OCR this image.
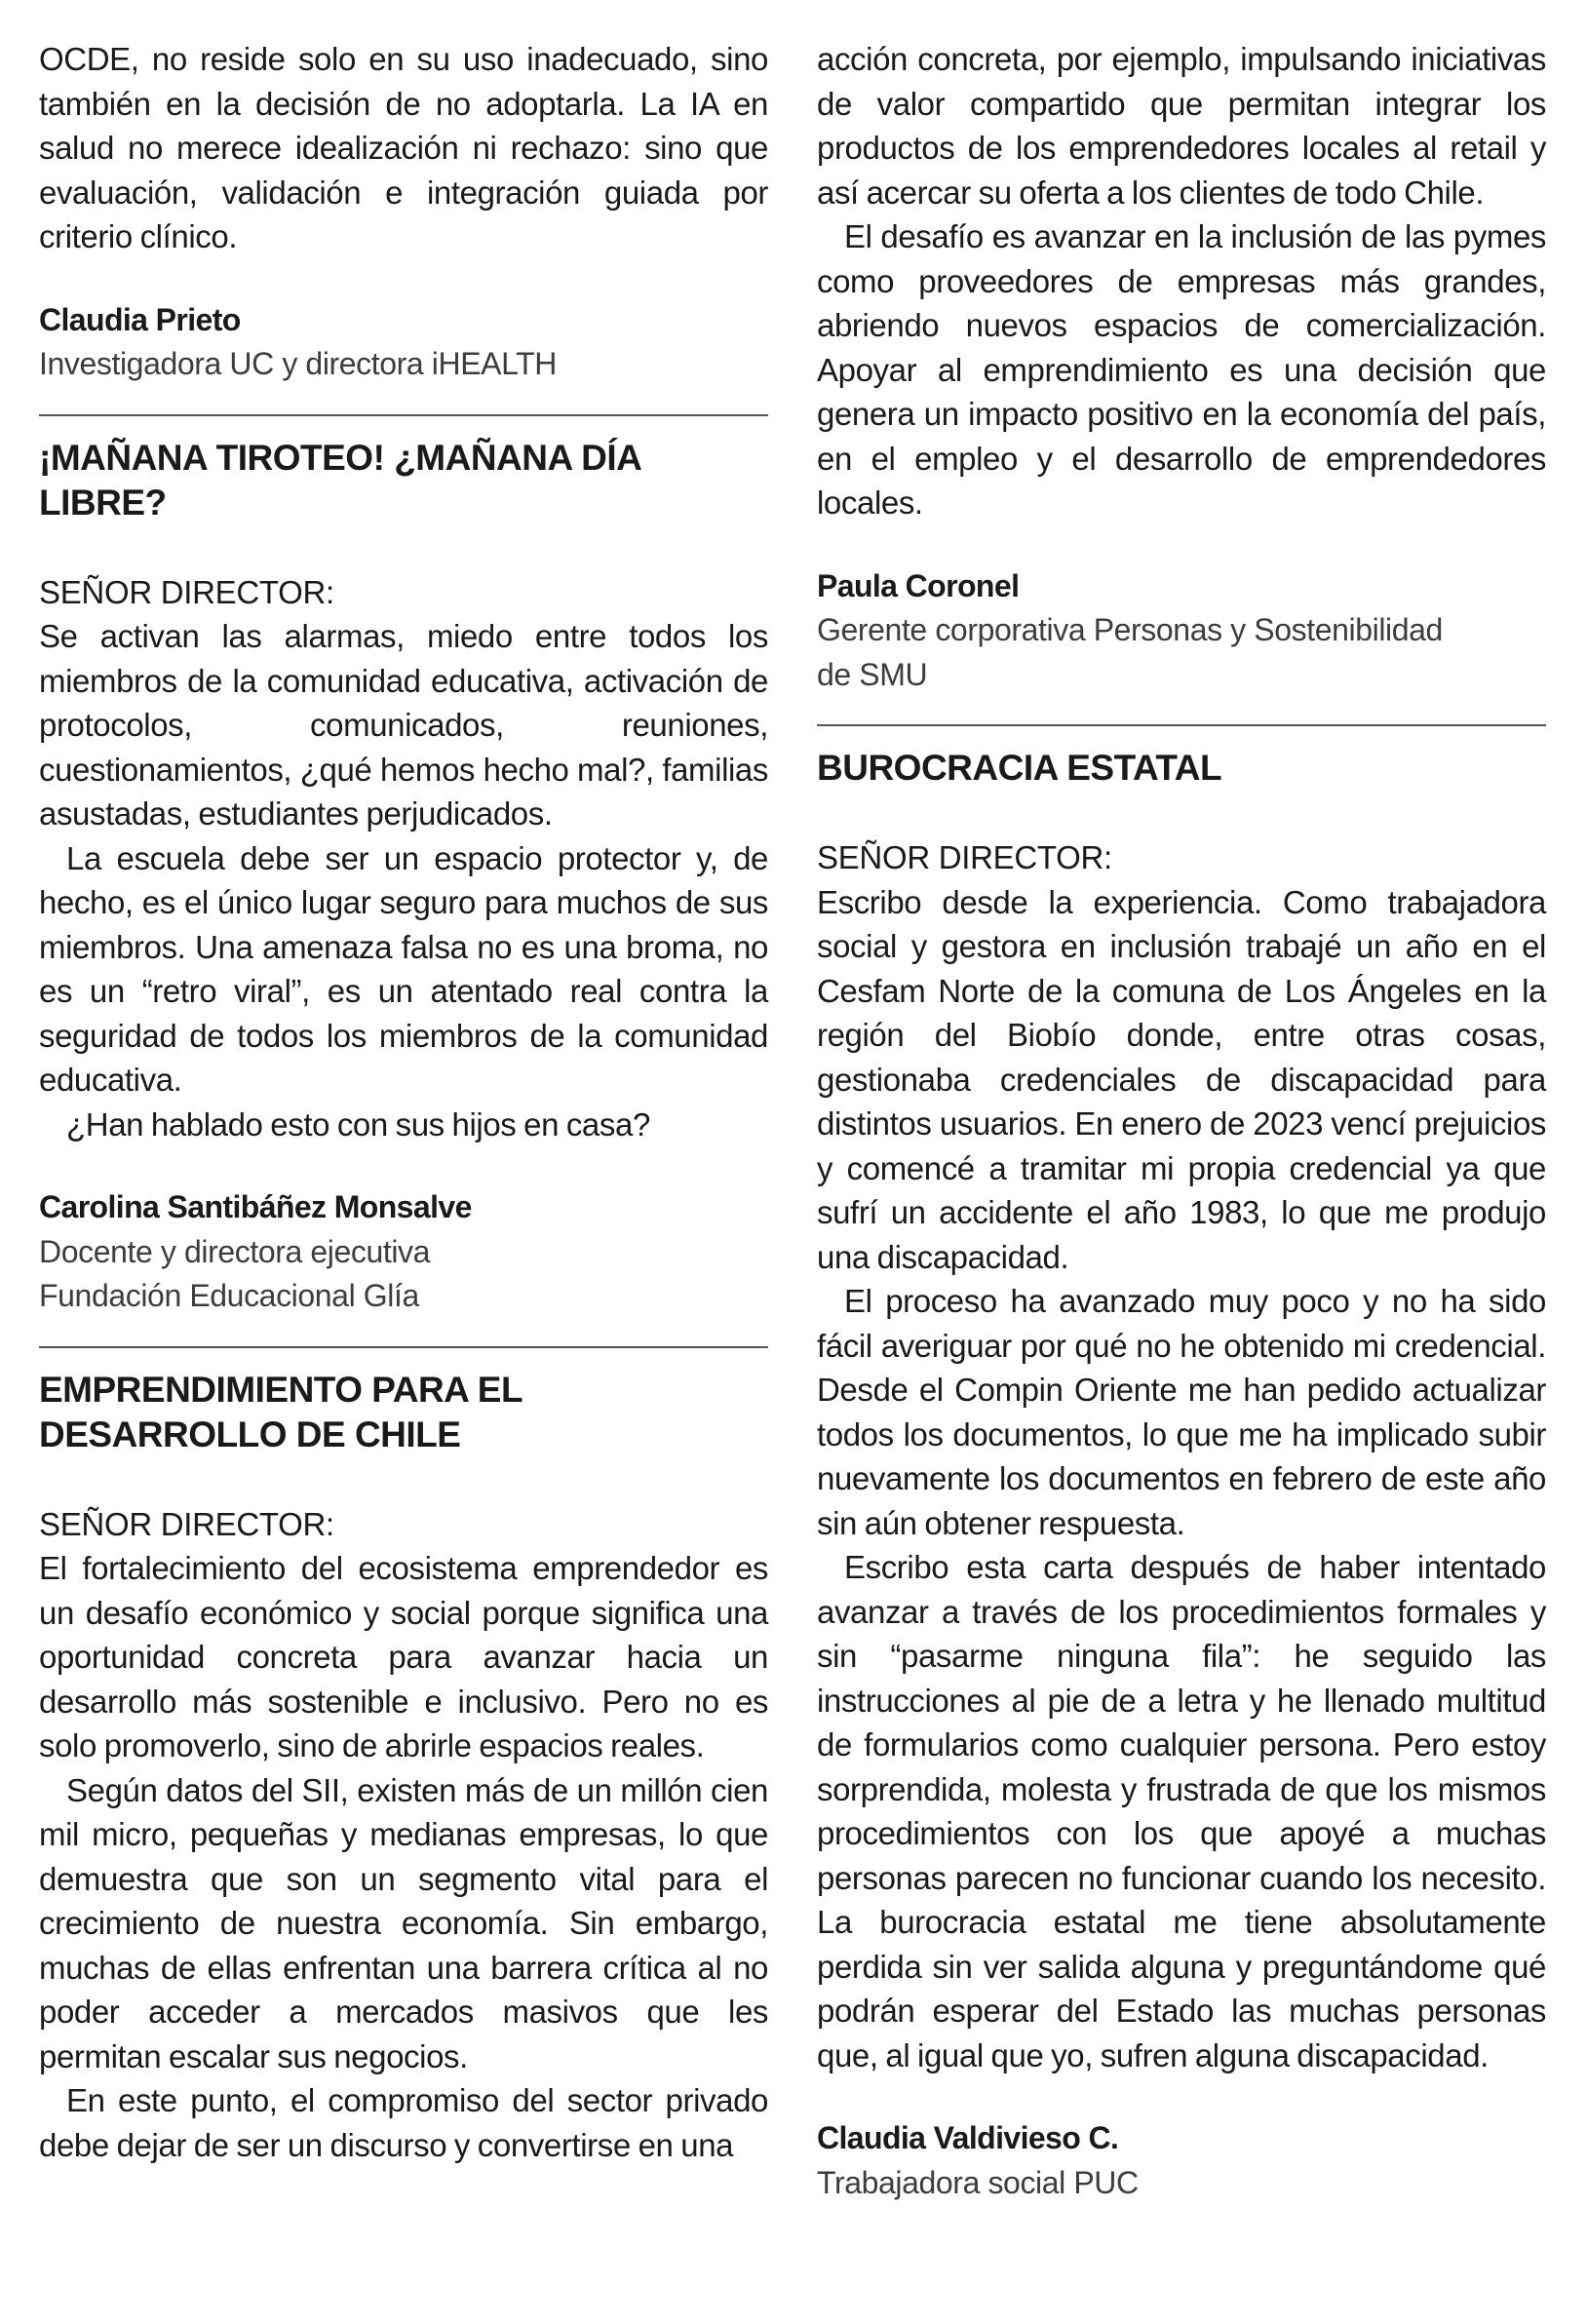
OCDE, no reside solo en su uso inadecuado, sino también en la decisión de no adoptarla. La IA en salud no merece idealización ni rechazo: sino que evaluación, validación e integración guiada por criterio clínico.

Claudia Prieto

Investigadora UC y directora iHEALTH

¡MAÑANA TIROTEO! ¿MAÑANA DÍA LIBRE?

SEÑOR DIRECTOR:

Se activan las alarmas, miedo entre todos los miembros de la comunidad educativa, activación de protocolos, comunicados, reuniones, cuestionamientos, ¿qué hemos hecho mal?, familias asustadas, estudiantes perjudicados.

La escuela debe ser un espacio protector y, de hecho, es el único lugar seguro para muchos de sus miembros. Una amenaza falsa no es una broma, no es un “retro viral”, es un atentado real contra la seguridad de todos los miembros de la comunidad educativa.

¿Han hablado esto con sus hijos en casa?

Carolina Santibáñez Monsalve

Docente y directora ejecutiva

Fundación Educacional Glía

EMPRENDIMIENTO PARA EL DESARROLLO DE CHILE

SEÑOR DIRECTOR:

El fortalecimiento del ecosistema emprendedor es un desafío económico y social porque significa una oportunidad concreta para avanzar hacia un desarrollo más sostenible e inclusivo. Pero no es solo promoverlo, sino de abrirle espacios reales.

Según datos del SII, existen más de un millón cien mil micro, pequeñas y medianas empresas, lo que demuestra que son un segmento vital para el crecimiento de nuestra economía. Sin embargo, muchas de ellas enfrentan una barrera crítica al no poder acceder a mercados masivos que les permitan escalar sus negocios.

En este punto, el compromiso del sector privado debe dejar de ser un discurso y convertirse en una

acción concreta, por ejemplo, impulsando iniciativas de valor compartido que permitan integrar los productos de los emprendedores locales al retail y así acercar su oferta a los clientes de todo Chile.

El desafío es avanzar en la inclusión de las pymes como proveedores de empresas más grandes, abriendo nuevos espacios de comercialización. Apoyar al emprendimiento es una decisión que genera un impacto positivo en la economía del país, en el empleo y el desarrollo de emprendedores locales.

Paula Coronel

Gerente corporativa Personas y Sostenibilidad

de SMU

BUROCRACIA ESTATAL

SEÑOR DIRECTOR:

Escribo desde la experiencia. Como trabajadora social y gestora en inclusión trabajé un año en el Cesfam Norte de la comuna de Los Ángeles en la región del Biobío donde, entre otras cosas, gestionaba credenciales de discapacidad para distintos usuarios. En enero de 2023 vencí prejuicios y comencé a tramitar mi propia credencial ya que sufrí un accidente el año 1983, lo que me produjo una discapacidad.

El proceso ha avanzado muy poco y no ha sido fácil averiguar por qué no he obtenido mi credencial. Desde el Compin Oriente me han pedido actualizar todos los documentos, lo que me ha implicado subir nuevamente los documentos en febrero de este año sin aún obtener respuesta.

Escribo esta carta después de haber intentado avanzar a través de los procedimientos formales y sin “pasarme ninguna fila”: he seguido las instrucciones al pie de a letra y he llenado multitud de formularios como cualquier persona. Pero estoy sorprendida, molesta y frustrada de que los mismos procedimientos con los que apoyé a muchas personas parecen no funcionar cuando los necesito. La burocracia estatal me tiene absolutamente perdida sin ver salida alguna y preguntándome qué podrán esperar del Estado las muchas personas que, al igual que yo, sufren alguna discapacidad.

Claudia Valdivieso C.

Trabajadora social PUC
